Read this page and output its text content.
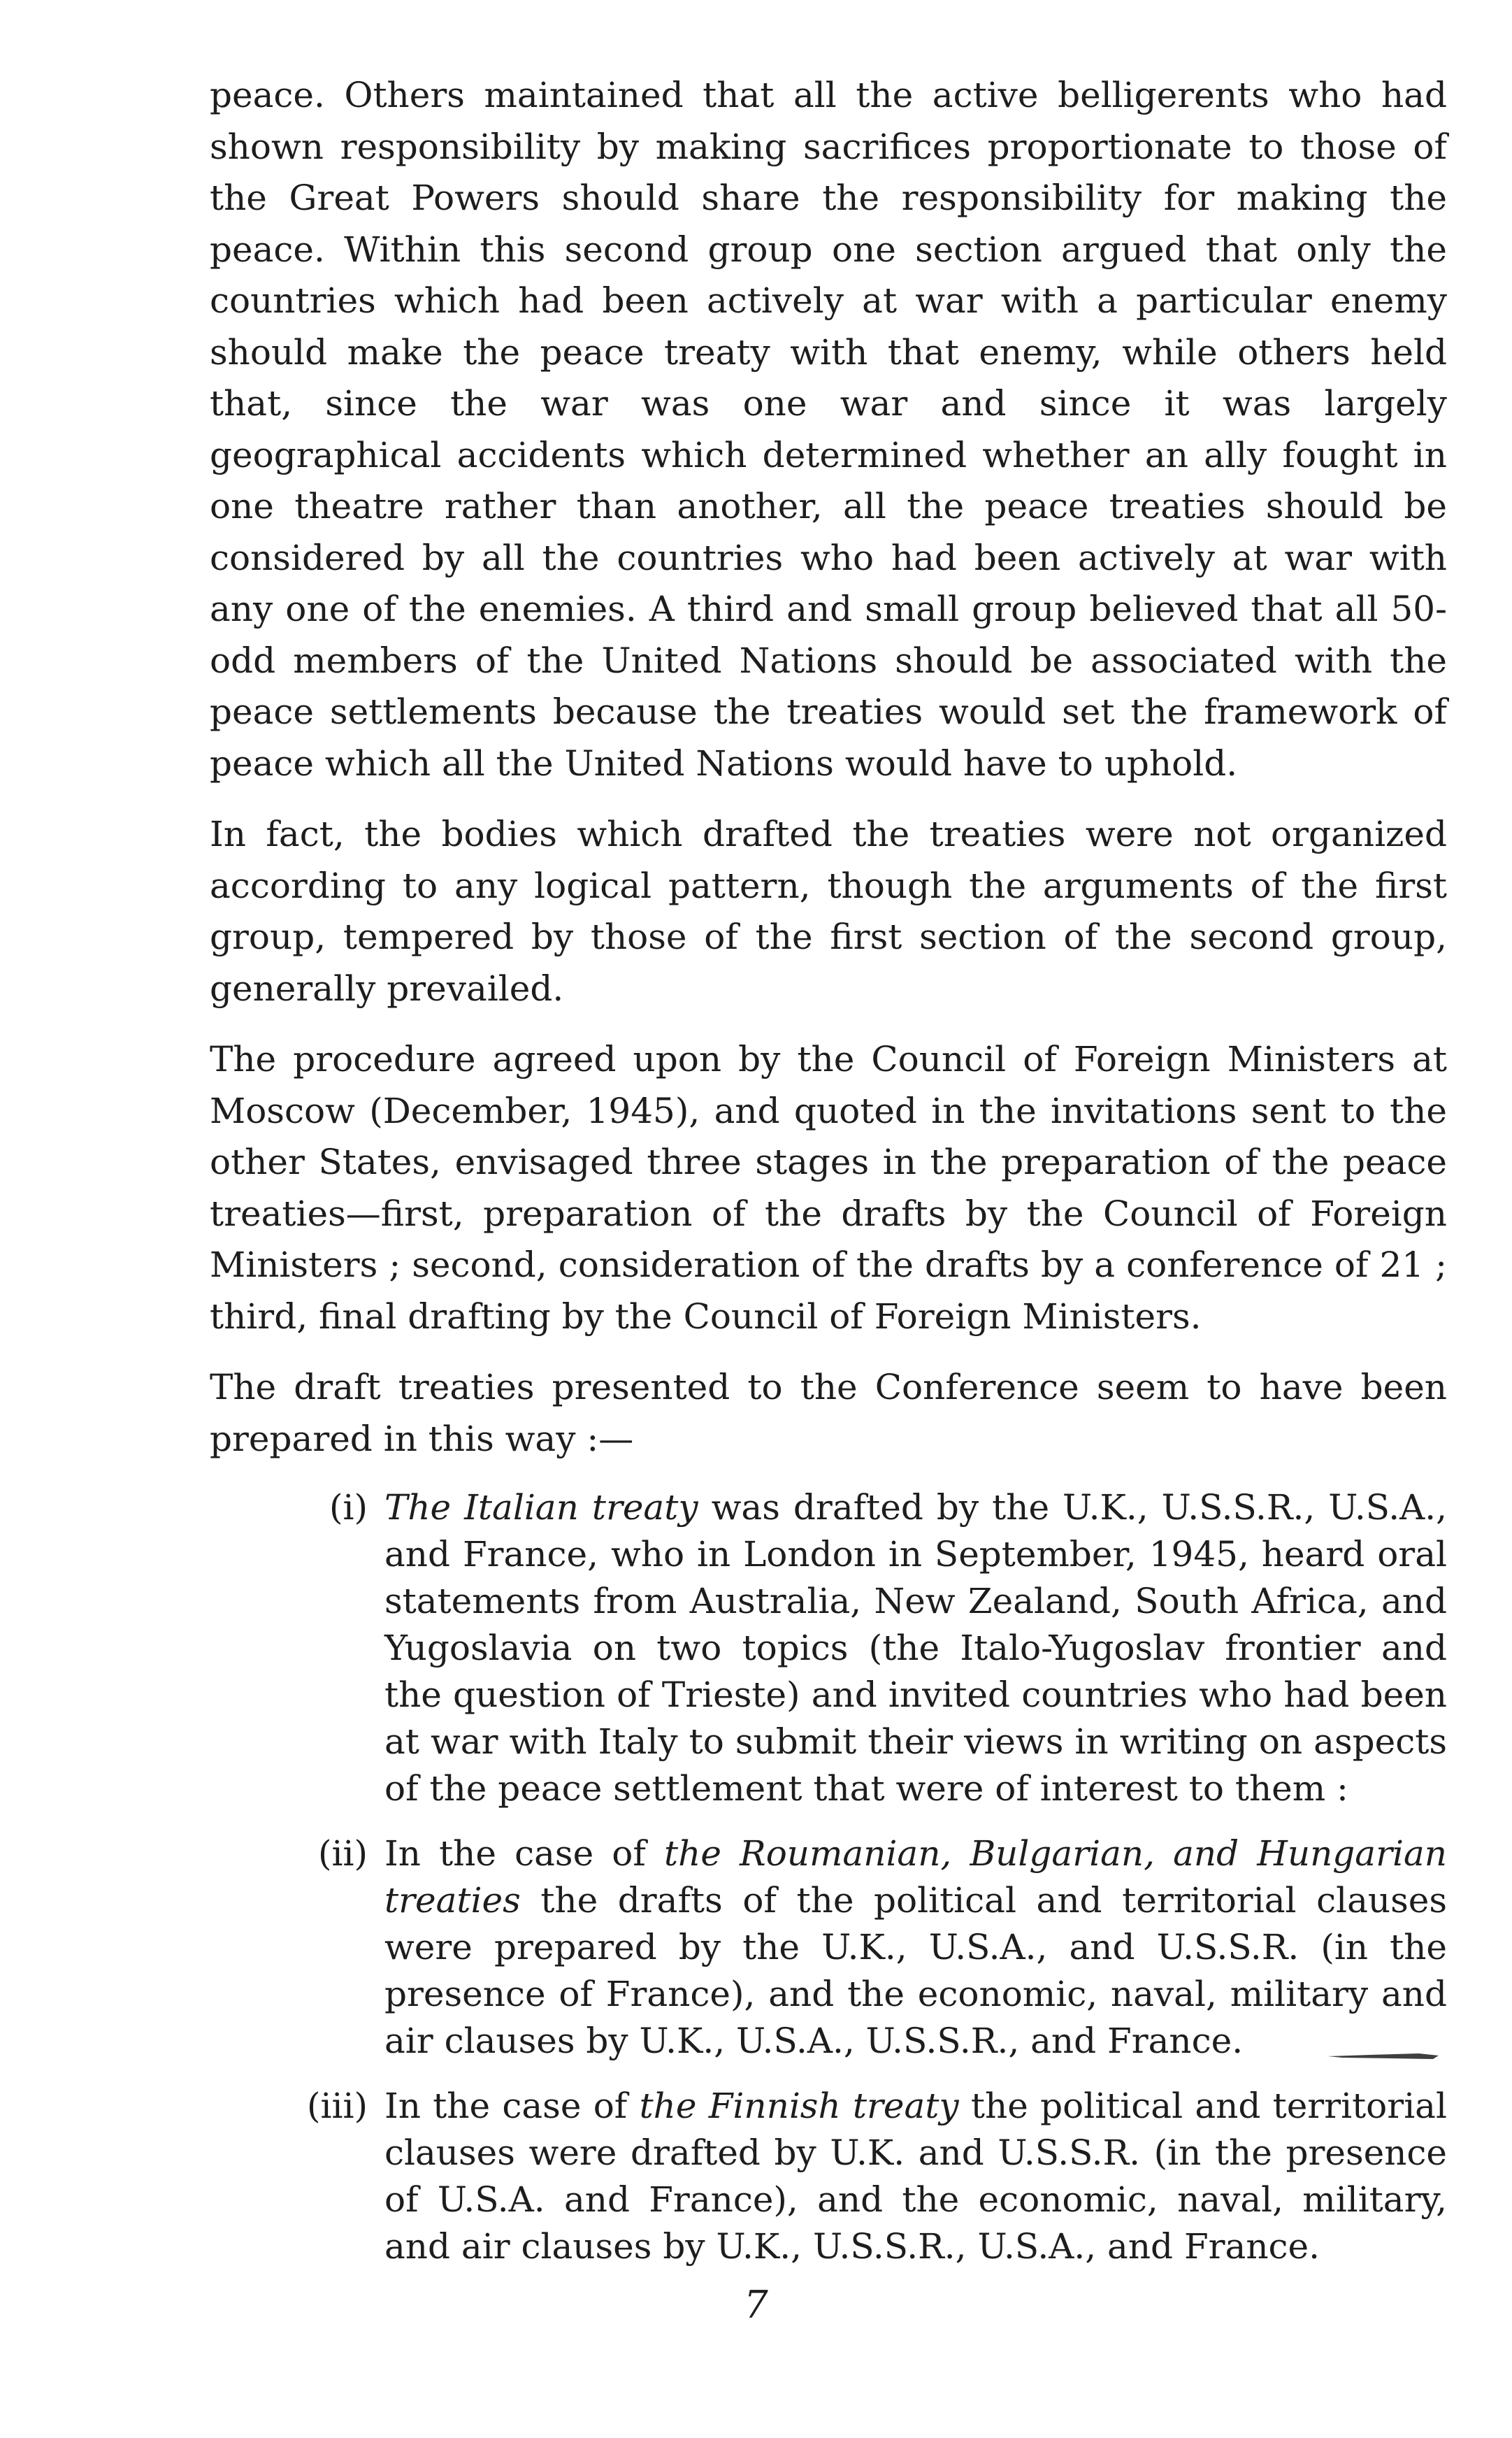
peace. Others maintained that all the active belligerents who had shown responsibility by making sacrifices proportionate to those of the Great Powers should share the responsibility for making the peace. Within this second group one section argued that only the countries which had been actively at war with a particular enemy should make the peace treaty with that enemy, while others held that, since the war was one war and since it was largely geographical accidents which determined whether an ally fought in one theatre rather than another, all the peace treaties should be considered by all the countries who had been actively at war with any one of the enemies. A third and small group believed that all 50-odd members of the United Nations should be associated with the peace settlements because the treaties would set the framework of peace which all the United Nations would have to uphold.

In fact, the bodies which drafted the treaties were not organized according to any logical pattern, though the arguments of the first group, tempered by those of the first section of the second group, generally prevailed.

The procedure agreed upon by the Council of Foreign Ministers at Moscow (December, 1945), and quoted in the invitations sent to the other States, envisaged three stages in the preparation of the peace treaties—first, preparation of the drafts by the Council of Foreign Ministers ; second, consideration of the drafts by a conference of 21 ; third, final drafting by the Council of Foreign Ministers.

The draft treaties presented to the Conference seem to have been prepared in this way :—

(i) The Italian treaty was drafted by the U.K., U.S.S.R., U.S.A., and France, who in London in September, 1945, heard oral statements from Australia, New Zealand, South Africa, and Yugoslavia on two topics (the Italo-Yugoslav frontier and the question of Trieste) and invited countries who had been at war with Italy to submit their views in writing on aspects of the peace settlement that were of interest to them :
(ii) In the case of the Roumanian, Bulgarian, and Hungarian treaties the drafts of the political and territorial clauses were prepared by the U.K., U.S.A., and U.S.S.R. (in the presence of France), and the economic, naval, military and air clauses by U.K., U.S.A., U.S.S.R., and France.
(iii) In the case of the Finnish treaty the political and territorial clauses were drafted by U.K. and U.S.S.R. (in the presence of U.S.A. and France), and the economic, naval, military, and air clauses by U.K., U.S.S.R., U.S.A., and France.
7
